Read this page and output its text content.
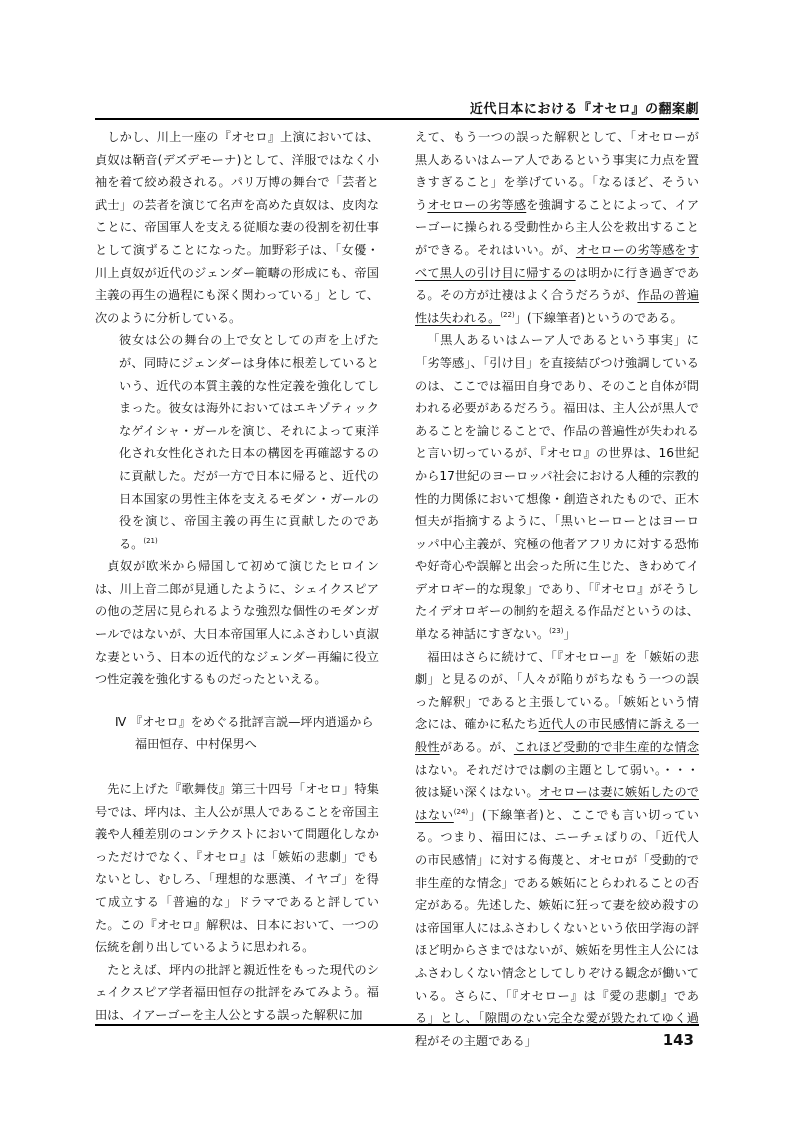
近代日本における『オセロ』の翻案劇

しかし、川上一座の『オセロ』上演においては、貞奴は鞆音(デズデモーナ)として、洋服ではなく小袖を着て絞め殺される。パリ万博の舞台で「芸者と武士」の芸者を演じて名声を高めた貞奴は、皮肉なことに、帝国軍人を支える従順な妻の役割を初仕事として演ずることになった。加野彩子は、「女優・川上貞奴が近代のジェンダー範疇の形成にも、帝国主義の再生の過程にも深く関わっている」とし て、次のように分析している。

彼女は公の舞台の上で女としての声を上げたが、同時にジェンダーは身体に根差しているという、近代の本質主義的な性定義を強化してしまった。彼女は海外においてはエキゾティックなゲイシャ・ガールを演じ、それによって東洋化され女性化された日本の構図を再確認するのに貢献した。だが一方で日本に帰ると、近代の日本国家の男性主体を支えるモダン・ガールの役を演じ、帝国主義の再生に貢献したのである。$^{(21)}$

貞奴が欧米から帰国して初めて演じたヒロインは、川上音二郎が見通したように、シェイクスピアの他の芝居に見られるような強烈な個性のモダンガールではないが、大日本帝国軍人にふさわしい貞淑な妻という、日本の近代的なジェンダー再編に役立つ性定義を強化するものだったといえる。

Ⅳ 『オセロ』をめぐる批評言説—坪内逍遥から
福田恒存、中村保男へ

先に上げた『歌舞伎』第三十四号「オセロ」特集号では、坪内は、主人公が黒人であることを帝国主義や人種差別のコンテクストにおいて問題化しなかっただけでなく、『オセロ』は「嫉妬の悲劇」でもないとし、むしろ、「理想的な悪漢、イヤゴ」を得て成立する「普遍的な」ドラマであると評していた。この『オセロ』解釈は、日本において、一つの伝統を創り出しているように思われる。

たとえば、坪内の批評と親近性をもった現代のシェイクスピア学者福田恒存の批評をみてみよう。福田は、イアーゴーを主人公とする誤った解釈に加

えて、もう一つの誤った解釈として、「オセローが黒人あるいはムーア人であるという事実に力点を置きすぎること」を挙げている。「なるほど、そういうオセローの劣等感を強調することによって、イアーゴーに操られる受動性から主人公を救出することができる。それはいい。が、オセローの劣等感をすべて黒人の引け目に帰するのは明かに行き過ぎである。その方が辻褄はよく合うだろうが、作品の普遍性は失われる。$^{(22)}$」(下線筆者)というのである。

「黒人あるいはムーア人であるという事実」に「劣等感」、「引け目」を直接結びつけ強調しているのは、ここでは福田自身であり、そのこと自体が問われる必要があるだろう。福田は、主人公が黒人であることを論じることで、作品の普遍性が失われると言い切っているが、『オセロ』の世界は、16世紀から17世紀のヨーロッパ社会における人種的宗教的性的力関係において想像・創造されたもので、正木恒夫が指摘するように、「黒いヒーローとはヨーロッパ中心主義が、究極の他者アフリカに対する恐怖や好奇心や誤解と出会った所に生じた、きわめてイデオロギー的な現象」であり、「『オセロ』がそうしたイデオロギーの制約を超える作品だというのは、単なる神話にすぎない。$^{(23)}$」

福田はさらに続けて、「『オセロー』を「嫉妬の悲劇」と見るのが、「人々が陥りがちなもう一つの誤った解釈」であると主張している。「嫉妬という情念には、確かに私たち近代人の市民感情に訴える一般性がある。が、これほど受動的で非生産的な情念はない。それだけでは劇の主題として弱い。・・・彼は疑い深くはない。オセローは妻に嫉妬したのではない$^{(24)}$」(下線筆者)と、ここでも言い切っている。つまり、福田には、ニーチェばりの、「近代人の市民感情」に対する侮蔑と、オセロが「受動的で非生産的な情念」である嫉妬にとらわれることの否定がある。先述した、嫉妬に狂って妻を絞め殺すのは帝国軍人にはふさわしくないという依田学海の評ほど明からさまではないが、嫉妬を男性主人公にはふさわしくない情念としてしりぞける観念が働いている。さらに、「『オセロー』は『愛の悲劇』である」とし、「隙間のない完全な愛が毀たれてゆく過程がその主題である」	143
